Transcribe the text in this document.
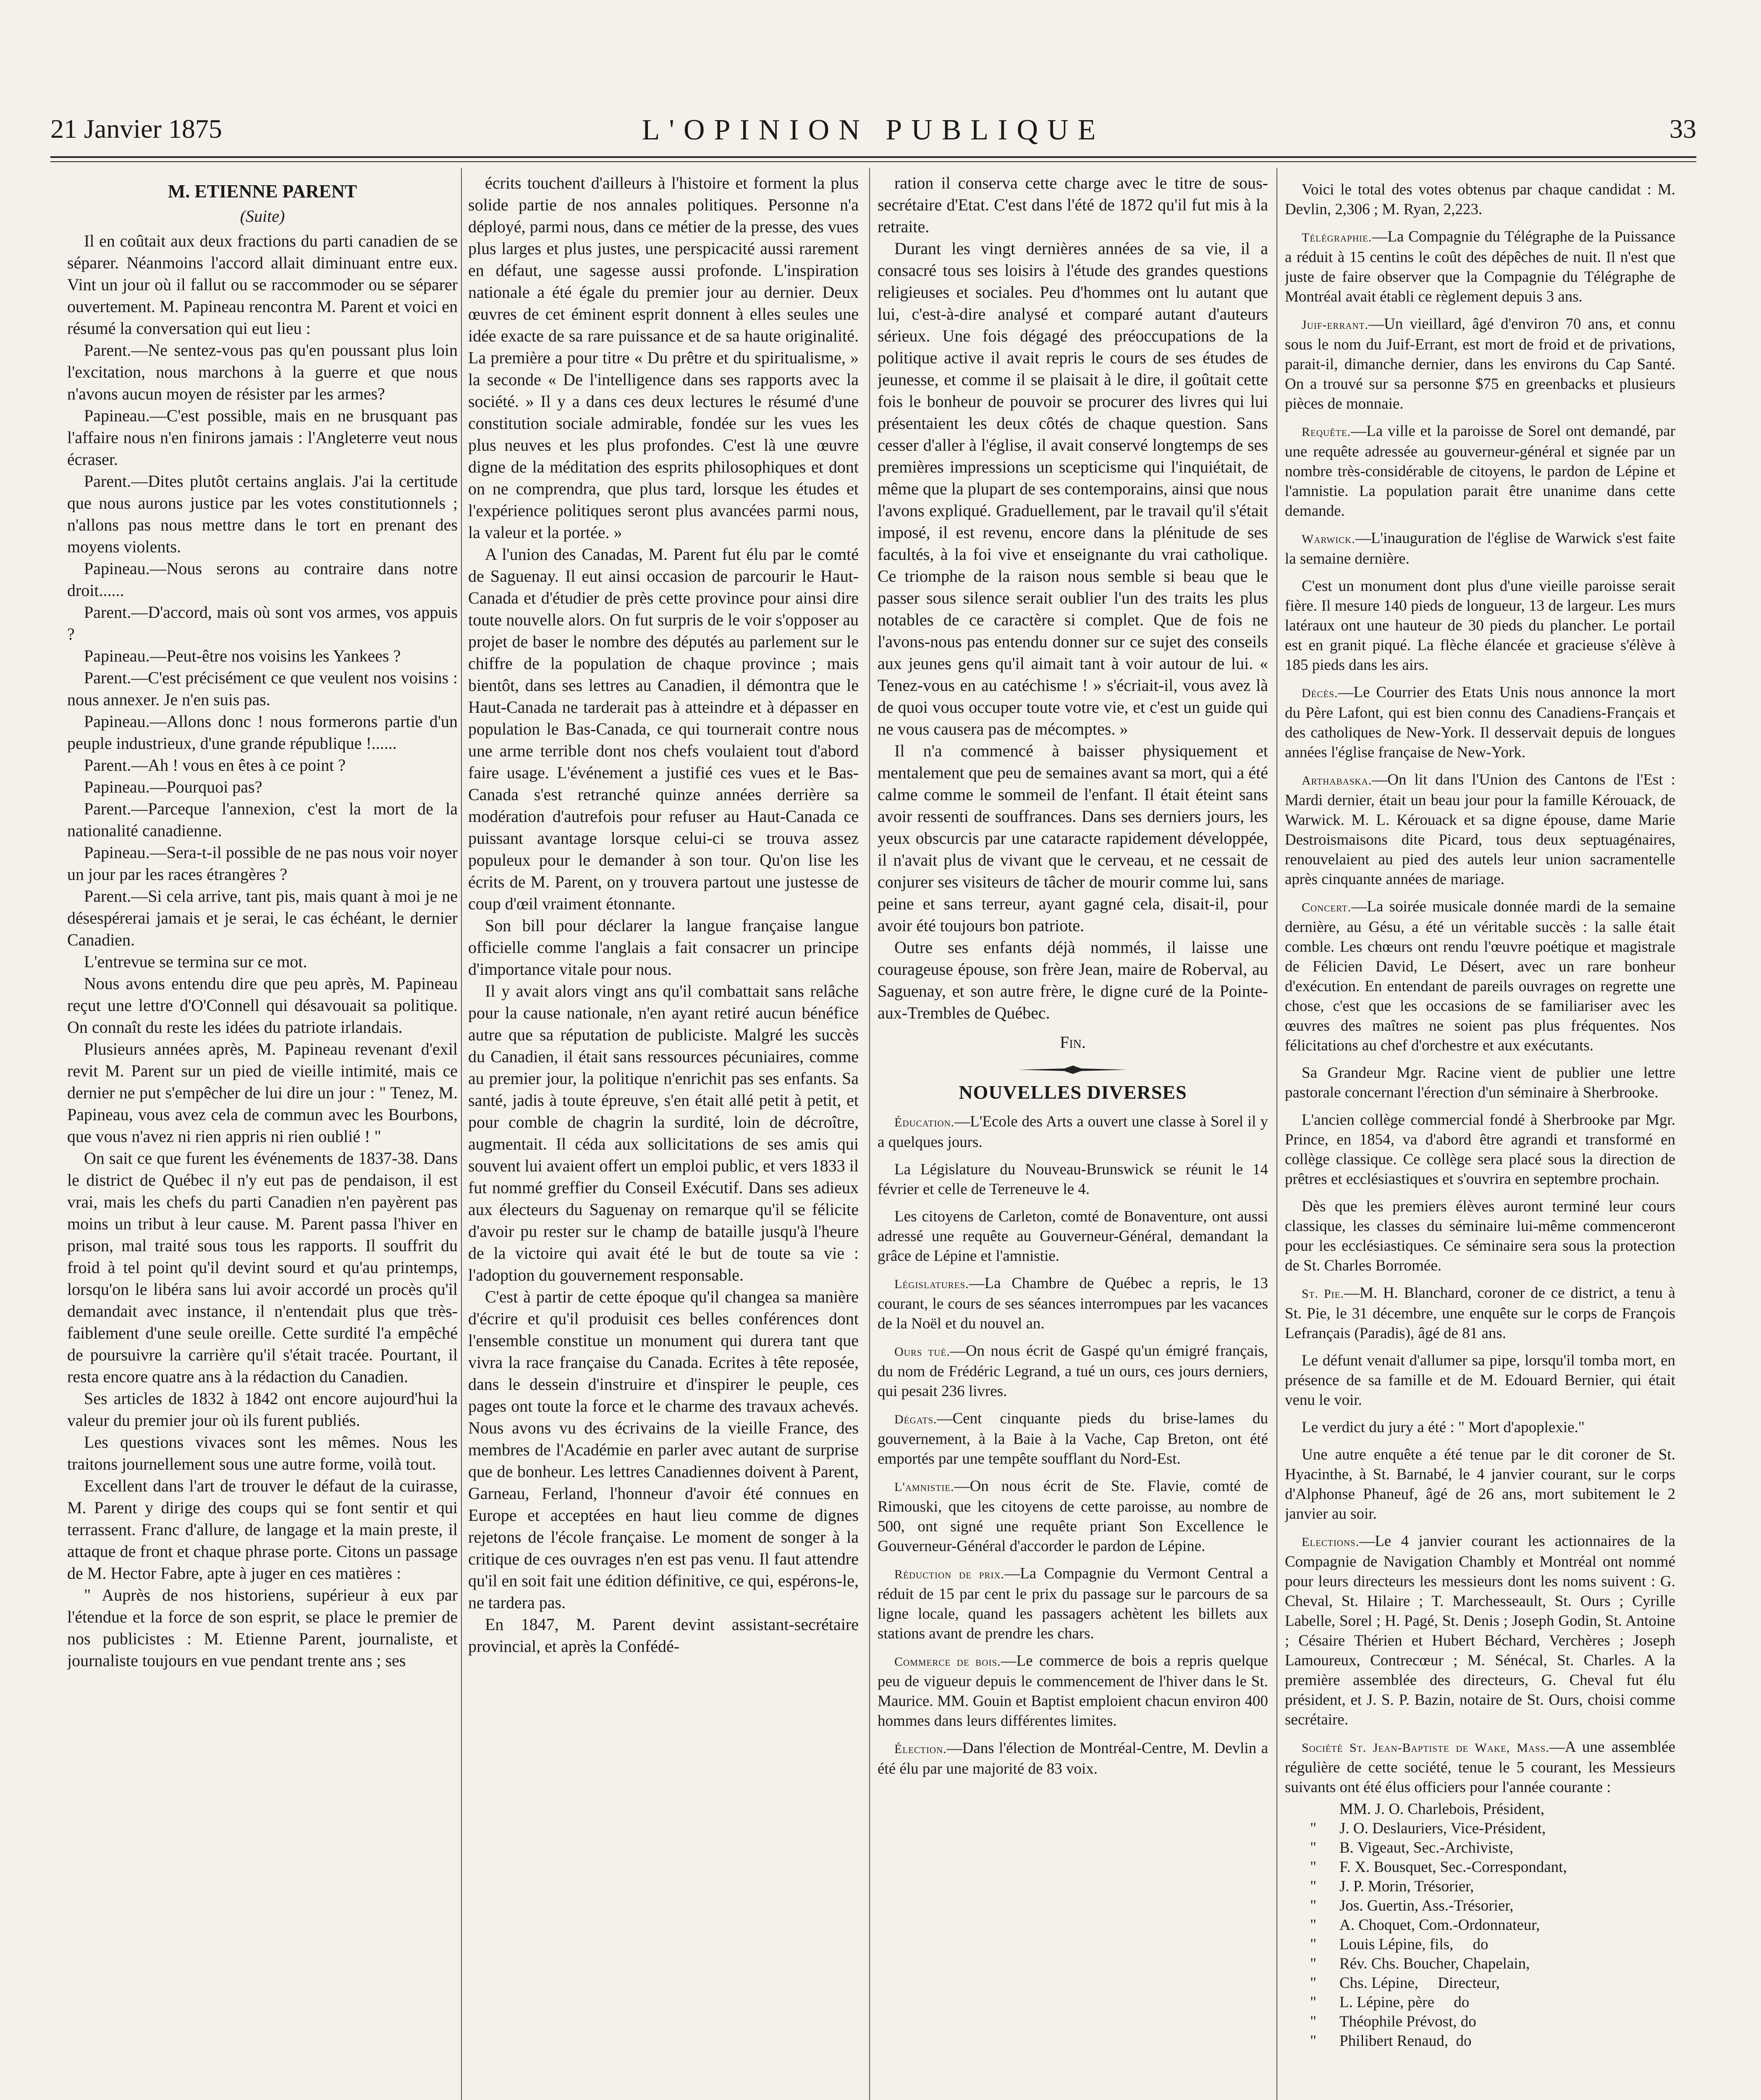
21 Janvier 1875	L'OPINION PUBLIQUE	33
M. ETIENNE PARENT
(Suite)

Il en coûtait aux deux fractions du parti canadien de se séparer. Néanmoins l'accord allait diminuant entre eux. Vint un jour où il fallut ou se raccommoder ou se séparer ouvertement. M. Papineau rencontra M. Parent et voici en résumé la conversation qui eut lieu :

Parent.—Ne sentez-vous pas qu'en poussant plus loin l'excitation, nous marchons à la guerre et que nous n'avons aucun moyen de résister par les armes?

Papineau.—C'est possible, mais en ne brusquant pas l'affaire nous n'en finirons jamais : l'Angleterre veut nous écraser.

Parent.—Dites plutôt certains anglais. J'ai la certitude que nous aurons justice par les votes constitutionnels ; n'allons pas nous mettre dans le tort en prenant des moyens violents.

Papineau.—Nous serons au contraire dans notre droit......

Parent.—D'accord, mais où sont vos armes, vos appuis ?

Papineau.—Peut-être nos voisins les Yankees ?

Parent.—C'est précisément ce que veulent nos voisins : nous annexer. Je n'en suis pas.

Papineau.—Allons donc ! nous formerons partie d'un peuple industrieux, d'une grande république !......

Parent.—Ah ! vous en êtes à ce point ?

Papineau.—Pourquoi pas?

Parent.—Parceque l'annexion, c'est la mort de la nationalité canadienne.

Papineau.—Sera-t-il possible de ne pas nous voir noyer un jour par les races étrangères ?

Parent.—Si cela arrive, tant pis, mais quant à moi je ne désespérerai jamais et je serai, le cas échéant, le dernier Canadien.

L'entrevue se termina sur ce mot.

Nous avons entendu dire que peu après, M. Papineau reçut une lettre d'O'Connell qui désavouait sa politique. On connaît du reste les idées du patriote irlandais.

Plusieurs années après, M. Papineau revenant d'exil revit M. Parent sur un pied de vieille intimité, mais ce dernier ne put s'empêcher de lui dire un jour : " Tenez, M. Papineau, vous avez cela de commun avec les Bourbons, que vous n'avez ni rien appris ni rien oublié ! "

On sait ce que furent les événements de 1837-38. Dans le district de Québec il n'y eut pas de pendaison, il est vrai, mais les chefs du parti Canadien n'en payèrent pas moins un tribut à leur cause. M. Parent passa l'hiver en prison, mal traité sous tous les rapports. Il souffrit du froid à tel point qu'il devint sourd et qu'au printemps, lorsqu'on le libéra sans lui avoir accordé un procès qu'il demandait avec instance, il n'entendait plus que très-faiblement d'une seule oreille. Cette surdité l'a empêché de poursuivre la carrière qu'il s'était tracée. Pourtant, il resta encore quatre ans à la rédaction du Canadien.

Ses articles de 1832 à 1842 ont encore aujourd'hui la valeur du premier jour où ils furent publiés.

Les questions vivaces sont les mêmes. Nous les traitons journellement sous une autre forme, voilà tout.

Excellent dans l'art de trouver le défaut de la cuirasse, M. Parent y dirige des coups qui se font sentir et qui terrassent. Franc d'allure, de langage et la main preste, il attaque de front et chaque phrase porte. Citons un passage de M. Hector Fabre, apte à juger en ces matières :

" Auprès de nos historiens, supérieur à eux par l'étendue et la force de son esprit, se place le premier de nos publicistes : M. Etienne Parent, journaliste, et journaliste toujours en vue pendant trente ans ; ses

écrits touchent d'ailleurs à l'histoire et forment la plus solide partie de nos annales politiques. Personne n'a déployé, parmi nous, dans ce métier de la presse, des vues plus larges et plus justes, une perspicacité aussi rarement en défaut, une sagesse aussi profonde. L'inspiration nationale a été égale du premier jour au dernier. Deux œuvres de cet éminent esprit donnent à elles seules une idée exacte de sa rare puissance et de sa haute originalité. La première a pour titre « Du prêtre et du spiritualisme, » la seconde « De l'intelligence dans ses rapports avec la société. » Il y a dans ces deux lectures le résumé d'une constitution sociale admirable, fondée sur les vues les plus neuves et les plus profondes. C'est là une œuvre digne de la méditation des esprits philosophiques et dont on ne comprendra, que plus tard, lorsque les études et l'expérience politiques seront plus avancées parmi nous, la valeur et la portée. »

A l'union des Canadas, M. Parent fut élu par le comté de Saguenay. Il eut ainsi occasion de parcourir le Haut-Canada et d'étudier de près cette province pour ainsi dire toute nouvelle alors. On fut surpris de le voir s'opposer au projet de baser le nombre des députés au parlement sur le chiffre de la population de chaque province ; mais bientôt, dans ses lettres au Canadien, il démontra que le Haut-Canada ne tarderait pas à atteindre et à dépasser en population le Bas-Canada, ce qui tournerait contre nous une arme terrible dont nos chefs voulaient tout d'abord faire usage. L'événement a justifié ces vues et le Bas-Canada s'est retranché quinze années derrière sa modération d'autrefois pour refuser au Haut-Canada ce puissant avantage lorsque celui-ci se trouva assez populeux pour le demander à son tour. Qu'on lise les écrits de M. Parent, on y trouvera partout une justesse de coup d'œil vraiment étonnante.

Son bill pour déclarer la langue française langue officielle comme l'anglais a fait consacrer un principe d'importance vitale pour nous.

Il y avait alors vingt ans qu'il combattait sans relâche pour la cause nationale, n'en ayant retiré aucun bénéfice autre que sa réputation de publiciste. Malgré les succès du Canadien, il était sans ressources pécuniaires, comme au premier jour, la politique n'enrichit pas ses enfants. Sa santé, jadis à toute épreuve, s'en était allé petit à petit, et pour comble de chagrin la surdité, loin de décroître, augmentait. Il céda aux sollicitations de ses amis qui souvent lui avaient offert un emploi public, et vers 1833 il fut nommé greffier du Conseil Exécutif. Dans ses adieux aux électeurs du Saguenay on remarque qu'il se félicite d'avoir pu rester sur le champ de bataille jusqu'à l'heure de la victoire qui avait été le but de toute sa vie : l'adoption du gouvernement responsable.

C'est à partir de cette époque qu'il changea sa manière d'écrire et qu'il produisit ces belles conférences dont l'ensemble constitue un monument qui durera tant que vivra la race française du Canada. Ecrites à tête reposée, dans le dessein d'instruire et d'inspirer le peuple, ces pages ont toute la force et le charme des travaux achevés. Nous avons vu des écrivains de la vieille France, des membres de l'Académie en parler avec autant de surprise que de bonheur. Les lettres Canadiennes doivent à Parent, Garneau, Ferland, l'honneur d'avoir été connues en Europe et acceptées en haut lieu comme de dignes rejetons de l'école française. Le moment de songer à la critique de ces ouvrages n'en est pas venu. Il faut attendre qu'il en soit fait une édition définitive, ce qui, espérons-le, ne tardera pas.

En 1847, M. Parent devint assistant-secrétaire provincial, et après la Confédé-

ration il conserva cette charge avec le titre de sous-secrétaire d'Etat. C'est dans l'été de 1872 qu'il fut mis à la retraite.

Durant les vingt dernières années de sa vie, il a consacré tous ses loisirs à l'étude des grandes questions religieuses et sociales. Peu d'hommes ont lu autant que lui, c'est-à-dire analysé et comparé autant d'auteurs sérieux. Une fois dégagé des préoccupations de la politique active il avait repris le cours de ses études de jeunesse, et comme il se plaisait à le dire, il goûtait cette fois le bonheur de pouvoir se procurer des livres qui lui présentaient les deux côtés de chaque question. Sans cesser d'aller à l'église, il avait conservé longtemps de ses premières impressions un scepticisme qui l'inquiétait, de même que la plupart de ses contemporains, ainsi que nous l'avons expliqué. Graduellement, par le travail qu'il s'était imposé, il est revenu, encore dans la plénitude de ses facultés, à la foi vive et enseignante du vrai catholique. Ce triomphe de la raison nous semble si beau que le passer sous silence serait oublier l'un des traits les plus notables de ce caractère si complet. Que de fois ne l'avons-nous pas entendu donner sur ce sujet des conseils aux jeunes gens qu'il aimait tant à voir autour de lui. « Tenez-vous en au catéchisme ! » s'écriait-il, vous avez là de quoi vous occuper toute votre vie, et c'est un guide qui ne vous causera pas de mécomptes. »

Il n'a commencé à baisser physiquement et mentalement que peu de semaines avant sa mort, qui a été calme comme le sommeil de l'enfant. Il était éteint sans avoir ressenti de souffrances. Dans ses derniers jours, les yeux obscurcis par une cataracte rapidement développée, il n'avait plus de vivant que le cerveau, et ne cessait de conjurer ses visiteurs de tâcher de mourir comme lui, sans peine et sans terreur, ayant gagné cela, disait-il, pour avoir été toujours bon patriote.

Outre ses enfants déjà nommés, il laisse une courageuse épouse, son frère Jean, maire de Roberval, au Saguenay, et son autre frère, le digne curé de la Pointe-aux-Trembles de Québec.

Fin.
NOUVELLES DIVERSES

Éducation.—L'Ecole des Arts a ouvert une classe à Sorel il y a quelques jours.

La Législature du Nouveau-Brunswick se réunit le 14 février et celle de Terreneuve le 4.

Les citoyens de Carleton, comté de Bonaventure, ont aussi adressé une requête au Gouverneur-Général, demandant la grâce de Lépine et l'amnistie.

Législatures.—La Chambre de Québec a repris, le 13 courant, le cours de ses séances interrompues par les vacances de la Noël et du nouvel an.

Ours tué.—On nous écrit de Gaspé qu'un émigré français, du nom de Frédéric Legrand, a tué un ours, ces jours derniers, qui pesait 236 livres.

Dégats.—Cent cinquante pieds du brise-lames du gouvernement, à la Baie à la Vache, Cap Breton, ont été emportés par une tempête soufflant du Nord-Est.

L'amnistie.—On nous écrit de Ste. Flavie, comté de Rimouski, que les citoyens de cette paroisse, au nombre de 500, ont signé une requête priant Son Excellence le Gouverneur-Général d'accorder le pardon de Lépine.

Réduction de prix.—La Compagnie du Vermont Central a réduit de 15 par cent le prix du passage sur le parcours de sa ligne locale, quand les passagers achètent les billets aux stations avant de prendre les chars.

Commerce de bois.—Le commerce de bois a repris quelque peu de vigueur depuis le commencement de l'hiver dans le St. Maurice. MM. Gouin et Baptist emploient chacun environ 400 hommes dans leurs différentes limites.

Élection.—Dans l'élection de Montréal-Centre, M. Devlin a été élu par une majorité de 83 voix.

Voici le total des votes obtenus par chaque candidat : M. Devlin, 2,306 ; M. Ryan, 2,223.

Télégraphie.—La Compagnie du Télégraphe de la Puissance a réduit à 15 centins le coût des dépêches de nuit. Il n'est que juste de faire observer que la Compagnie du Télégraphe de Montréal avait établi ce règlement depuis 3 ans.

Juif-errant.—Un vieillard, âgé d'environ 70 ans, et connu sous le nom du Juif-Errant, est mort de froid et de privations, parait-il, dimanche dernier, dans les environs du Cap Santé. On a trouvé sur sa personne $75 en greenbacks et plusieurs pièces de monnaie.

Requête.—La ville et la paroisse de Sorel ont demandé, par une requête adressée au gouverneur-général et signée par un nombre très-considérable de citoyens, le pardon de Lépine et l'amnistie. La population parait être unanime dans cette demande.

Warwick.—L'inauguration de l'église de Warwick s'est faite la semaine dernière.

C'est un monument dont plus d'une vieille paroisse serait fière. Il mesure 140 pieds de longueur, 13 de largeur. Les murs latéraux ont une hauteur de 30 pieds du plancher. Le portail est en granit piqué. La flèche élancée et gracieuse s'élève à 185 pieds dans les airs.

Décès.—Le Courrier des Etats Unis nous annonce la mort du Père Lafont, qui est bien connu des Canadiens-Français et des catholiques de New-York. Il desservait depuis de longues années l'église française de New-York.

Arthabaska.—On lit dans l'Union des Cantons de l'Est : Mardi dernier, était un beau jour pour la famille Kérouack, de Warwick. M. L. Kérouack et sa digne épouse, dame Marie Destroismaisons dite Picard, tous deux septuagénaires, renouvelaient au pied des autels leur union sacramentelle après cinquante années de mariage.

Concert.—La soirée musicale donnée mardi de la semaine dernière, au Gésu, a été un véritable succès : la salle était comble. Les chœurs ont rendu l'œuvre poétique et magistrale de Félicien David, Le Désert, avec un rare bonheur d'exécution. En entendant de pareils ouvrages on regrette une chose, c'est que les occasions de se familiariser avec les œuvres des maîtres ne soient pas plus fréquentes. Nos félicitations au chef d'orchestre et aux exécutants.

Sa Grandeur Mgr. Racine vient de publier une lettre pastorale concernant l'érection d'un séminaire à Sherbrooke.

L'ancien collège commercial fondé à Sherbrooke par Mgr. Prince, en 1854, va d'abord être agrandi et transformé en collège classique. Ce collège sera placé sous la direction de prêtres et ecclésiastiques et s'ouvrira en septembre prochain.

Dès que les premiers élèves auront terminé leur cours classique, les classes du séminaire lui-même commenceront pour les ecclésiastiques. Ce séminaire sera sous la protection de St. Charles Borromée.

St. Pie.—M. H. Blanchard, coroner de ce district, a tenu à St. Pie, le 31 décembre, une enquête sur le corps de François Lefrançais (Paradis), âgé de 81 ans.

Le défunt venait d'allumer sa pipe, lorsqu'il tomba mort, en présence de sa famille et de M. Edouard Bernier, qui était venu le voir.

Le verdict du jury a été : " Mort d'apoplexie."

Une autre enquête a été tenue par le dit coroner de St. Hyacinthe, à St. Barnabé, le 4 janvier courant, sur le corps d'Alphonse Phaneuf, âgé de 26 ans, mort subitement le 2 janvier au soir.

Elections.—Le 4 janvier courant les actionnaires de la Compagnie de Navigation Chambly et Montréal ont nommé pour leurs directeurs les messieurs dont les noms suivent : G. Cheval, St. Hilaire ; T. Marchesseault, St. Ours ; Cyrille Labelle, Sorel ; H. Pagé, St. Denis ; Joseph Godin, St. Antoine ; Césaire Thérien et Hubert Béchard, Verchères ; Joseph Lamoureux, Contrecœur ; M. Sénécal, St. Charles. A la première assemblée des directeurs, G. Cheval fut élu président, et J. S. P. Bazin, notaire de St. Ours, choisi comme secrétaire.

Société St. Jean-Baptiste de Wake, Mass.—A une assemblée régulière de cette société, tenue le 5 courant, les Messieurs suivants ont été élus officiers pour l'année courante :

MM. J. O. Charlebois, Président,
" J. O. Deslauriers, Vice-Président,
" B. Vigeaut, Sec.-Archiviste,
" F. X. Bousquet, Sec.-Correspondant,
" J. P. Morin, Trésorier,
" Jos. Guertin, Ass.-Trésorier,
" A. Choquet, Com.-Ordonnateur,
" Louis Lépine, fils,     do
" Rév. Chs. Boucher, Chapelain,
" Chs. Lépine,     Directeur,
" L. Lépine, père     do
" Théophile Prévost, do
" Philibert Renaud,  do
